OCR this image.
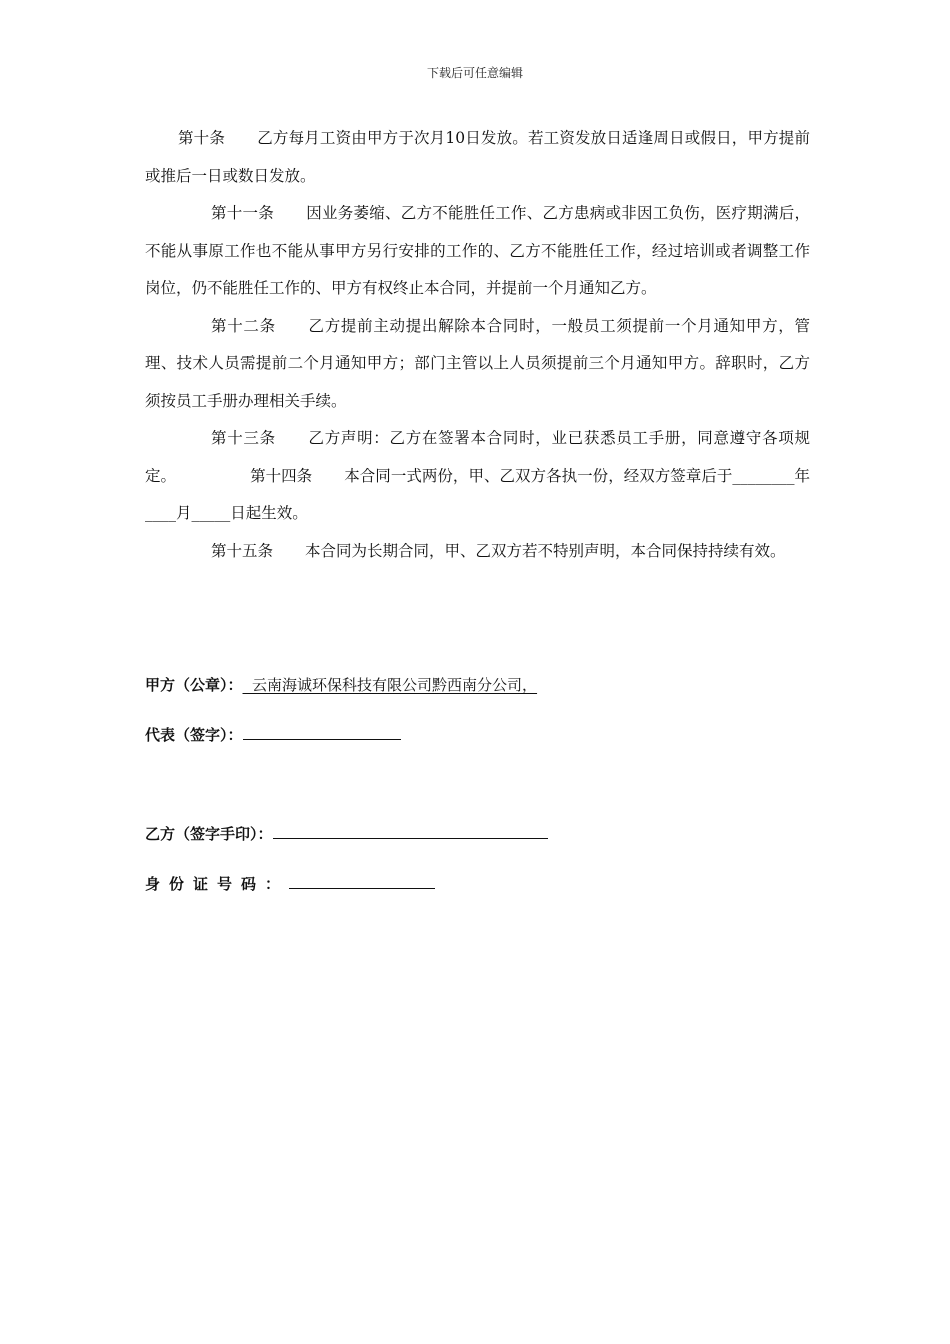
下载后可任意编辑

第十条 乙方每月工资由甲方于次月10日发放。若工资发放日适逢周日或假日，甲方提前或推后一日或数日发放。

第十一条 因业务萎缩、乙方不能胜任工作、乙方患病或非因工负伤，医疗期满后，不能从事原工作也不能从事甲方另行安排的工作的、乙方不能胜任工作，经过培训或者调整工作岗位，仍不能胜任工作的、甲方有权终止本合同，并提前一个月通知乙方。

第十二条 乙方提前主动提出解除本合同时，一般员工须提前一个月通知甲方，管理、技术人员需提前二个月通知甲方；部门主管以上人员须提前三个月通知甲方。辞职时，乙方须按员工手册办理相关手续。

第十三条 乙方声明：乙方在签署本合同时，业已获悉员工手册，同意遵守各项规定。	第十四条 本合同一式两份，甲、乙双方各执一份，经双方签章后于________年____月_____日起生效。

第十五条 本合同为长期合同，甲、乙双方若不特别声明，本合同保持持续有效。

甲方（公章）：  云南海诚环保科技有限公司黔西南分公司，
代表（签字）：
乙方（签字手印）：
身份证号码：
